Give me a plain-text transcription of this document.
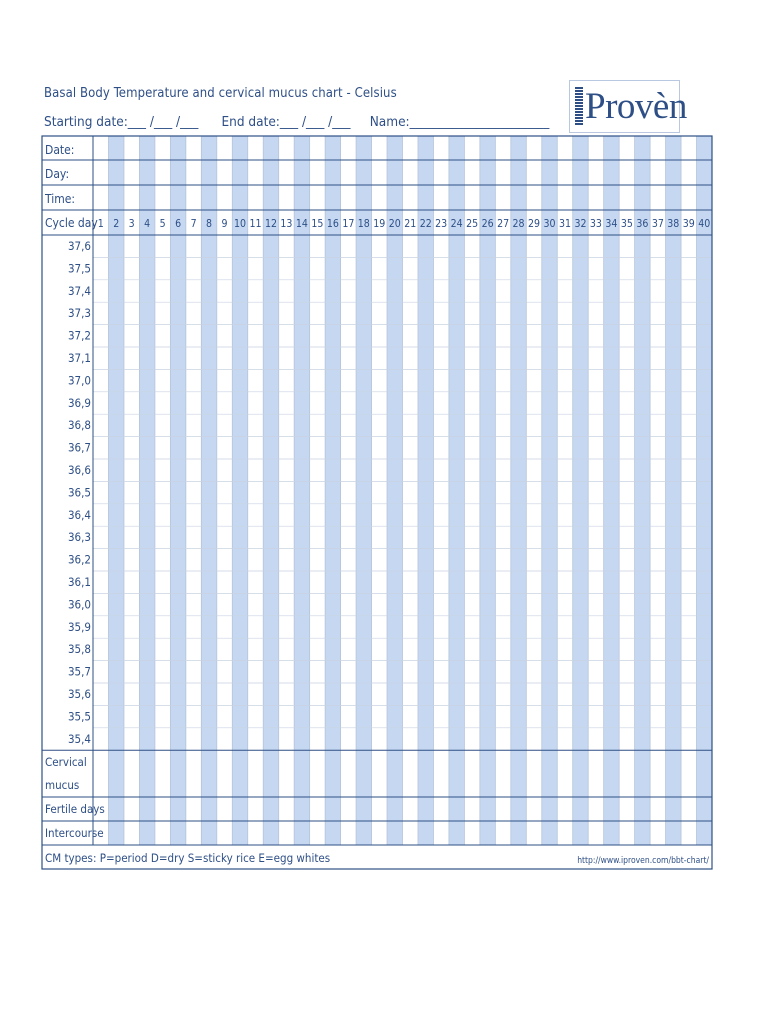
Basal Body Temperature and cervical mucus chart - Celsius
Starting date:___ /___ /___ End date:___ /___ /___ Name:_______________________ Provèn
Date:
Day:
Time:
Cycle day
Cervical
mucus
Fertile days
Intercourse
1 2 3 4 5 6 7 8 9 10 11 12 13 14 15 16 17 18 19 20 21 22 23 24 25 26 27 28 29 30 31 32 33 34 35 36 37 38 39 40
37,6
37,5
37,4
37,3
37,2
37,1
37,0
36,9
36,8
36,7
36,6
36,5
36,4
36,3
36,2
36,1
36,0
35,9
35,8
35,7
35,6
35,5
35,4
CM types: P=period D=dry S=sticky rice E=egg whites	http://www.iproven.com/bbt-chart/
